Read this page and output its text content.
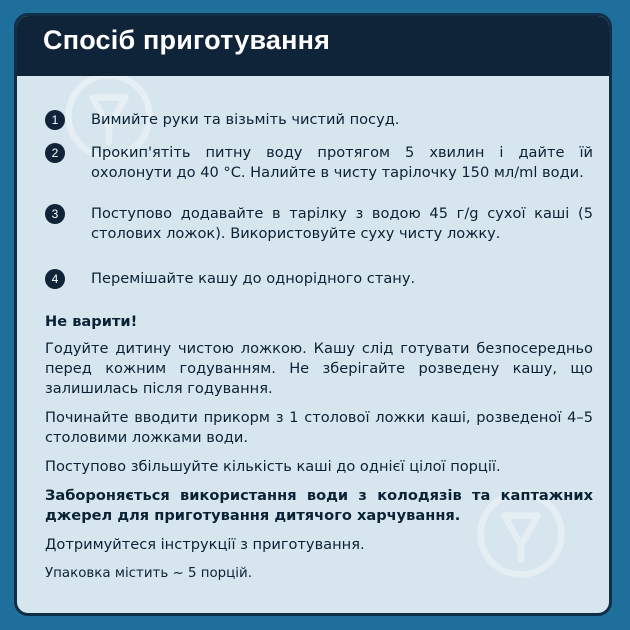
Спосіб приготування
1	Вимийте руки та візьміть чистий посуд.
2	Прокип'ятіть питну воду протягом 5 хвилин і дайте їй охолонути до 40 °С. Налийте в чисту тарілочку 150 мл/ml води.
3	Поступово додавайте в тарілку з водою 45 г/g сухої каші (5 столових ложок). Використовуйте суху чисту ложку.
4	Перемішайте кашу до однорідного стану.
Не варити!
Годуйте дитину чистою ложкою. Кашу слід готувати безпосередньо перед кожним годуванням. Не зберігайте розведену кашу, що залишилась після годування.
Починайте вводити прикорм з 1 столової ложки каші, розведеної 4–5 столовими ложками води.
Поступово збільшуйте кількість каші до однієї цілої порції.
Забороняється використання води з колодязів та каптажних джерел для приготування дитячого харчування.
Дотримуйтеся інструкції з приготування.
Упаковка містить ~ 5 порцій.
